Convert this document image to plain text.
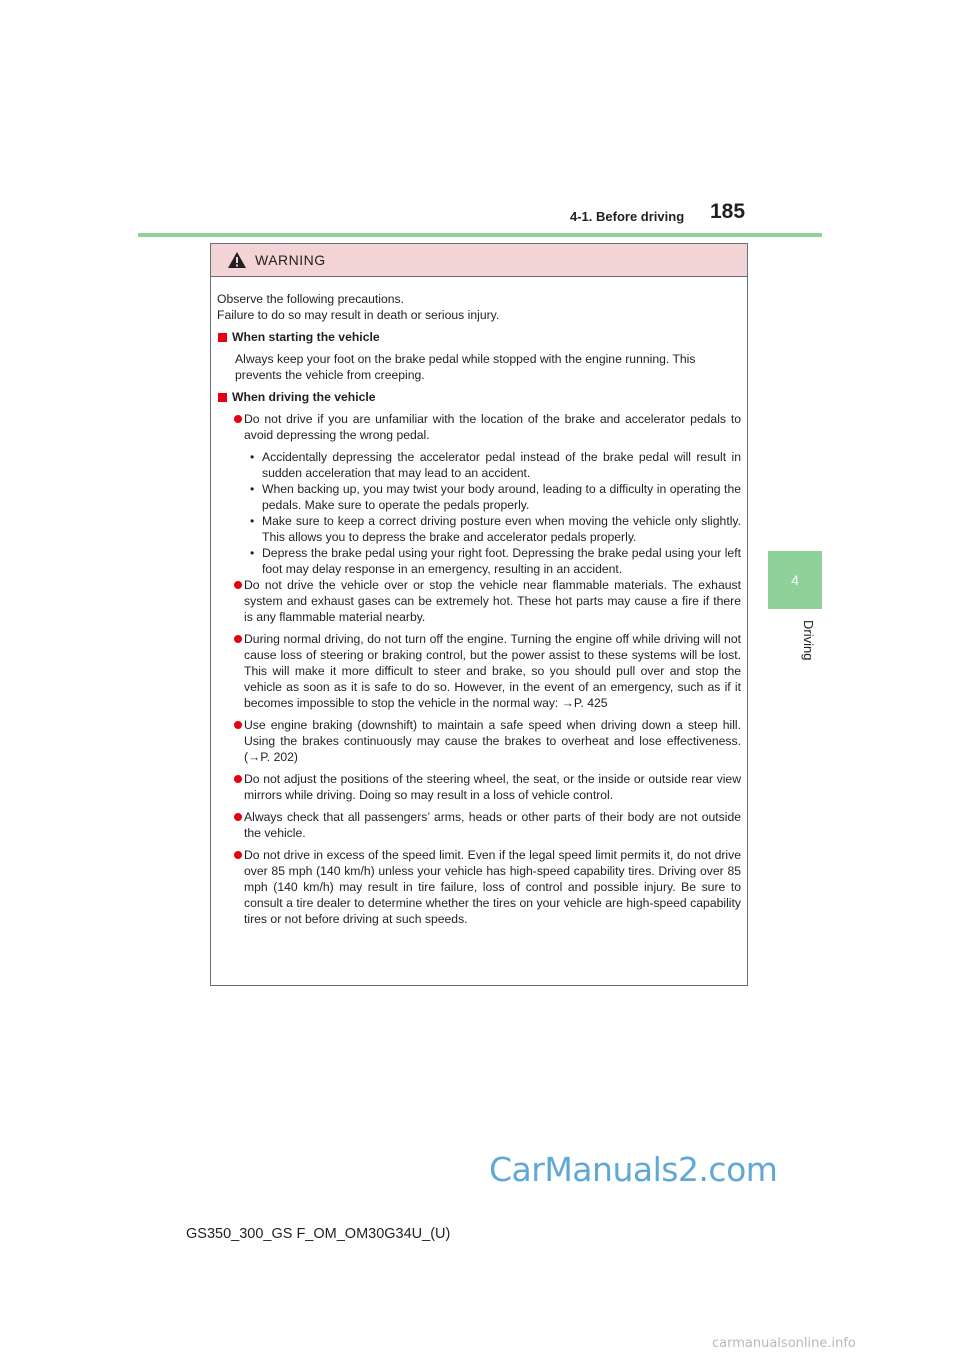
4-1. Before driving 185
4
Driving
WARNING

Observe the following precautions.

Failure to do so may result in death or serious injury.

When starting the vehicle

Always keep your foot on the brake pedal while stopped with the engine running. This prevents the vehicle from creeping.

When driving the vehicle
Do not drive if you are unfamiliar with the location of the brake and accelerator pedals to avoid depressing the wrong pedal.
• Accidentally depressing the accelerator pedal instead of the brake pedal will result in sudden acceleration that may lead to an accident.
• When backing up, you may twist your body around, leading to a difficulty in operating the pedals. Make sure to operate the pedals properly.
• Make sure to keep a correct driving posture even when moving the vehicle only slightly. This allows you to depress the brake and accelerator pedals properly.
• Depress the brake pedal using your right foot. Depressing the brake pedal using your left foot may delay response in an emergency, resulting in an accident.
Do not drive the vehicle over or stop the vehicle near flammable materials. The exhaust system and exhaust gases can be extremely hot. These hot parts may cause a fire if there is any flammable material nearby.
During normal driving, do not turn off the engine. Turning the engine off while driving will not cause loss of steering or braking control, but the power assist to these systems will be lost. This will make it more difficult to steer and brake, so you should pull over and stop the vehicle as soon as it is safe to do so. However, in the event of an emergency, such as if it becomes impossible to stop the vehicle in the normal way: →P. 425
Use engine braking (downshift) to maintain a safe speed when driving down a steep hill. Using the brakes continuously may cause the brakes to overheat and lose effectiveness. (→P. 202)
Do not adjust the positions of the steering wheel, the seat, or the inside or outside rear view mirrors while driving. Doing so may result in a loss of vehicle control.
Always check that all passengers’ arms, heads or other parts of their body are not outside the vehicle.
Do not drive in excess of the speed limit. Even if the legal speed limit permits it, do not drive over 85 mph (140 km/h) unless your vehicle has high-speed capability tires. Driving over 85 mph (140 km/h) may result in tire failure, loss of control and possible injury. Be sure to consult a tire dealer to determine whether the tires on your vehicle are high-speed capability tires or not before driving at such speeds.
CarManuals2.com
GS350_300_GS F_OM_OM30G34U_(U)
carmanualsonline.info
